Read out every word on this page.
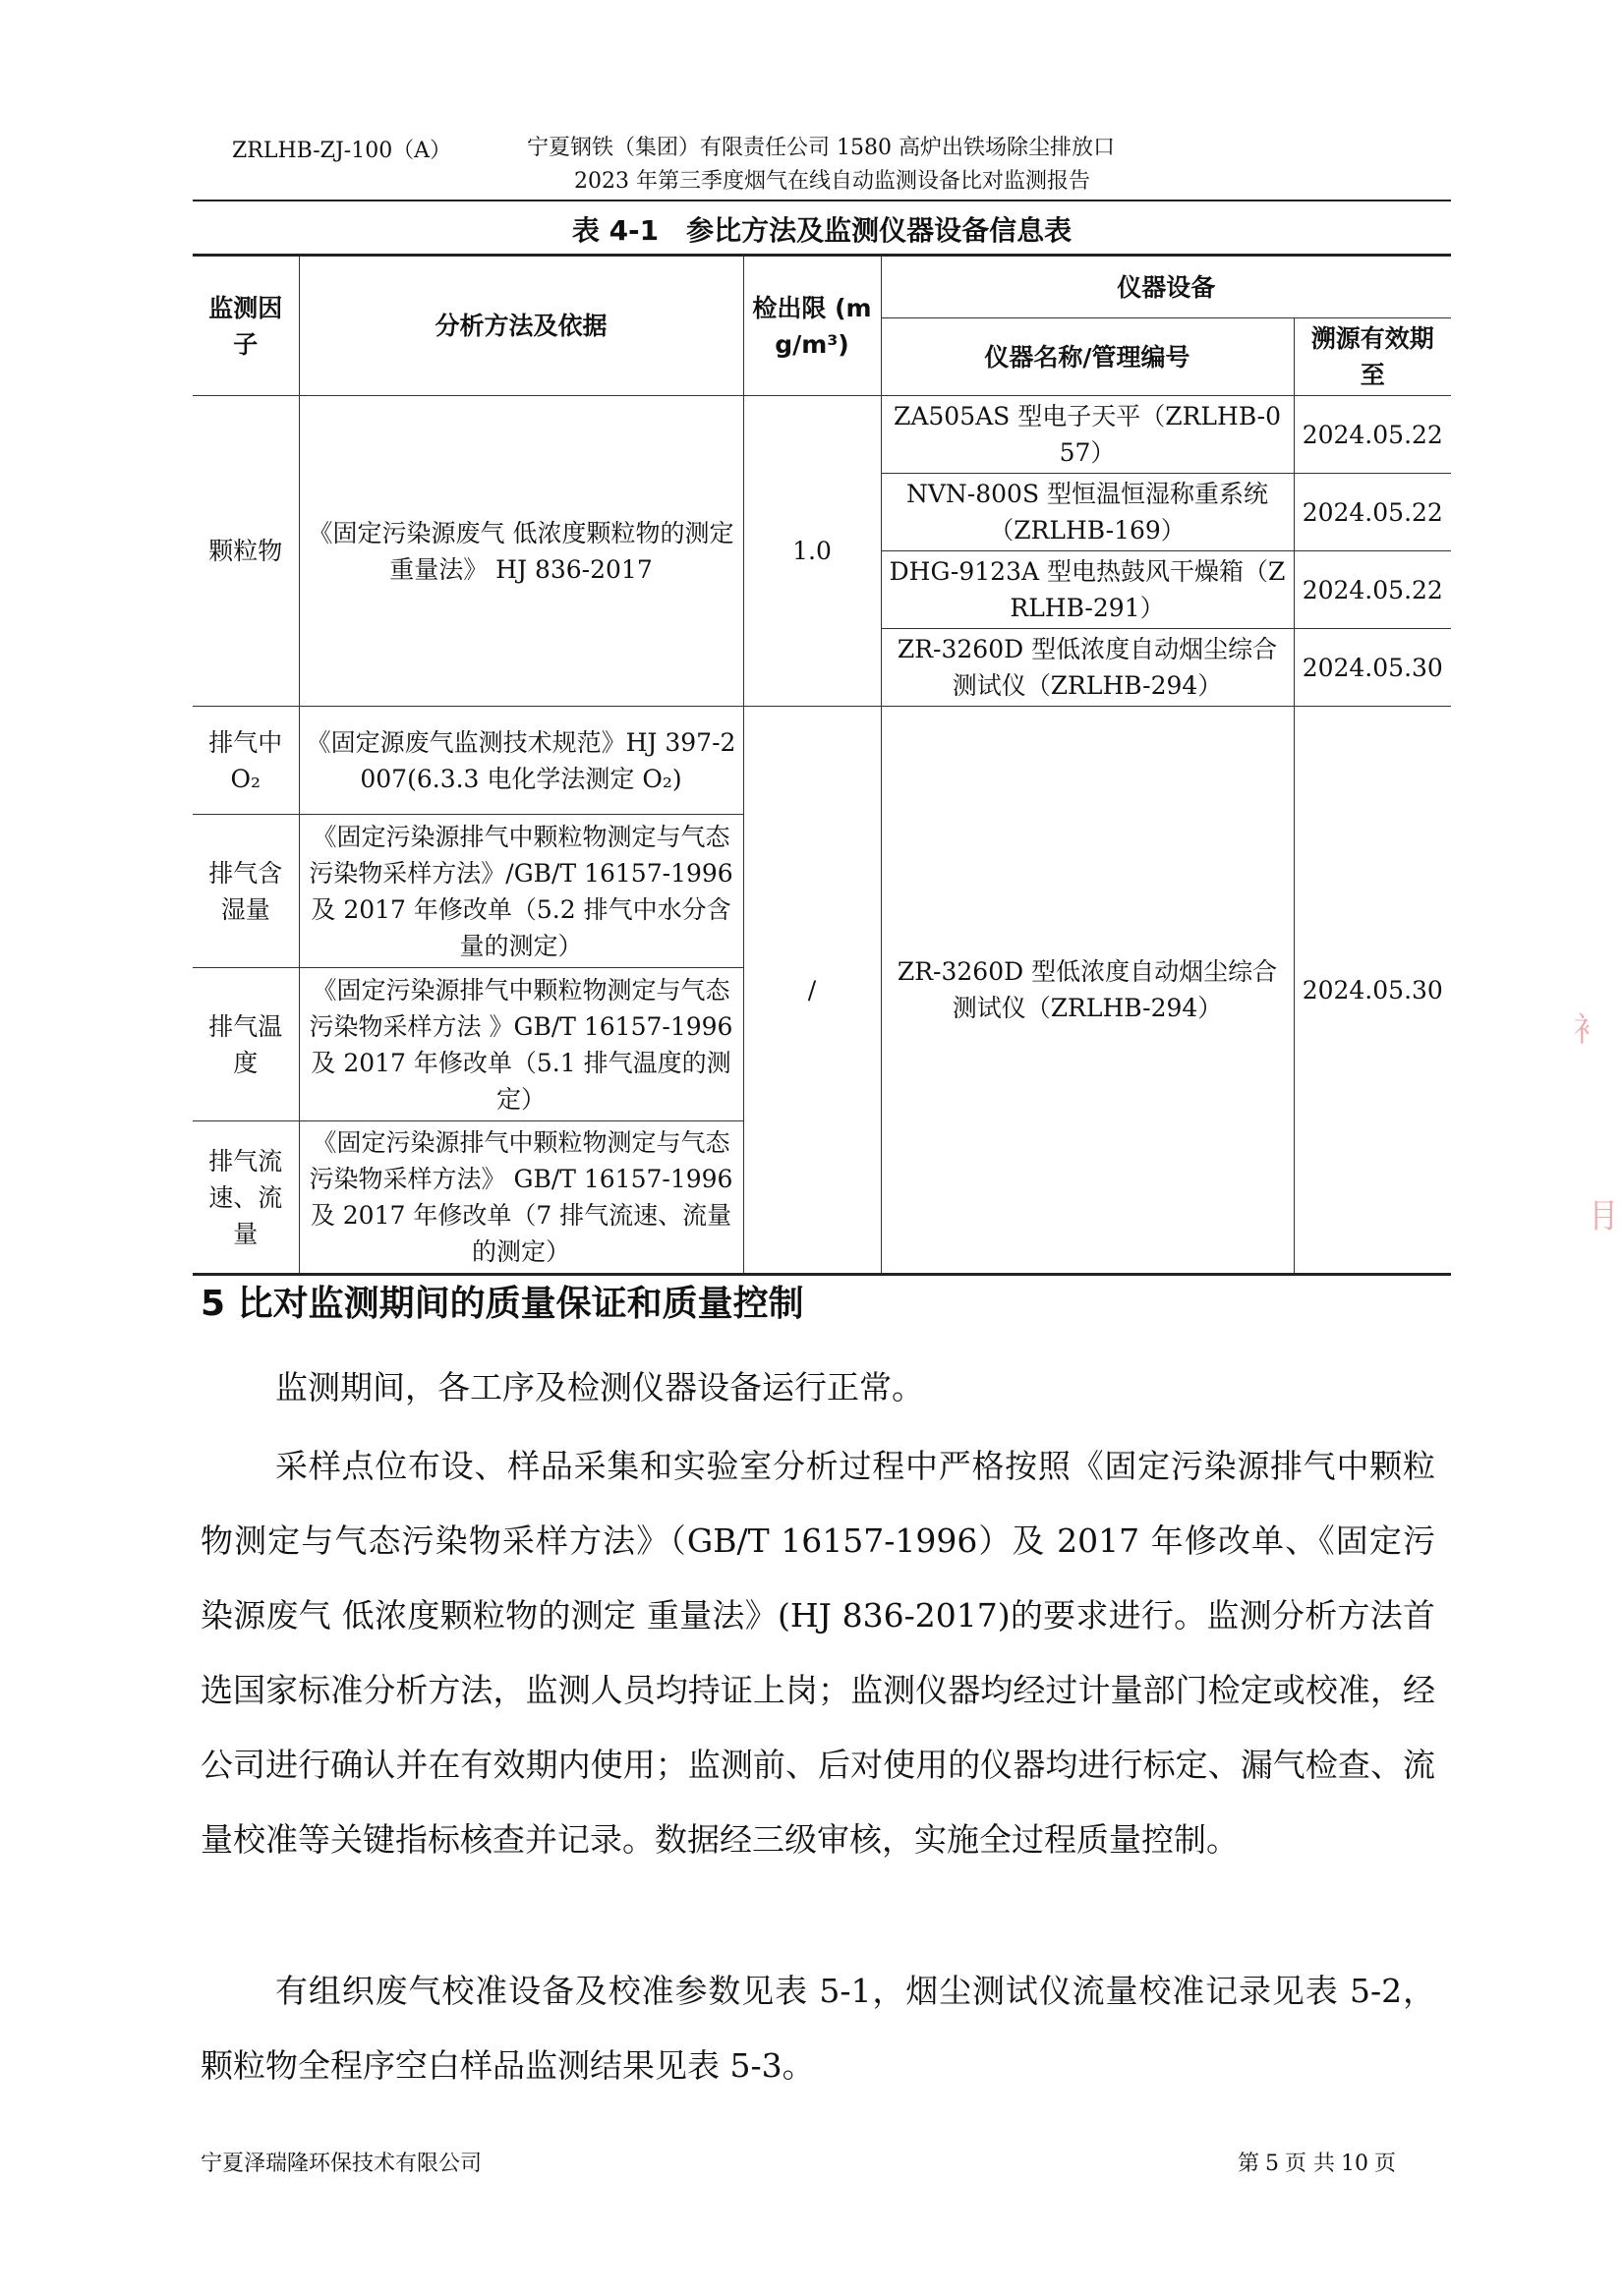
ZRLHB-ZJ-100（A）	宁夏钢铁（集团）有限责任公司 1580 高炉出铁场除尘排放口
2023 年第三季度烟气在线自动监测设备比对监测报告
表 4-1　参比方法及监测仪器设备信息表
监测因子	分析方法及依据	检出限 (mg/m³)	仪器设备	
			仪器名称/管理编号	溯源有效期至
颗粒物	《固定污染源废气 低浓度颗粒物的测定 重量法》 HJ 836-2017	1.0	ZA505AS 型电子天平（ZRLHB-057）	2024.05.22
			NVN-800S 型恒温恒湿称重系统（ZRLHB-169）	2024.05.22
			DHG-9123A 型电热鼓风干燥箱（ZRLHB-291）	2024.05.22
			ZR-3260D 型低浓度自动烟尘综合测试仪（ZRLHB-294）	2024.05.30
排气中 O₂	《固定源废气监测技术规范》HJ 397-2007(6.3.3 电化学法测定 O₂)	/	ZR-3260D 型低浓度自动烟尘综合测试仪（ZRLHB-294）	2024.05.30
排气含湿量	《固定污染源排气中颗粒物测定与气态污染物采样方法》/GB/T 16157-1996 及 2017 年修改单（5.2 排气中水分含量的测定）			
排气温度	《固定污染源排气中颗粒物测定与气态污染物采样方法 》GB/T 16157-1996 及 2017 年修改单（5.1 排气温度的测定）			
排气流速、流量	《固定污染源排气中颗粒物测定与气态污染物采样方法》 GB/T 16157-1996 及 2017 年修改单（7 排气流速、流量的测定）			
5 比对监测期间的质量保证和质量控制
监测期间，各工序及检测仪器设备运行正常。
采样点位布设、样品采集和实验室分析过程中严格按照《固定污染源排气中颗粒物测定与气态污染物采样方法》（GB/T 16157-1996）及 2017 年修改单、《固定污染源废气 低浓度颗粒物的测定 重量法》(HJ 836-2017)的要求进行。监测分析方法首选国家标准分析方法，监测人员均持证上岗；监测仪器均经过计量部门检定或校准，经公司进行确认并在有效期内使用；监测前、后对使用的仪器均进行标定、漏气检查、流量校准等关键指标核查并记录。数据经三级审核，实施全过程质量控制。
有组织废气校准设备及校准参数见表 5-1，烟尘测试仪流量校准记录见表 5-2，颗粒物全程序空白样品监测结果见表 5-3。
衤
⺝
宁夏泽瑞隆环保技术有限公司	第 5 页 共 10 页
